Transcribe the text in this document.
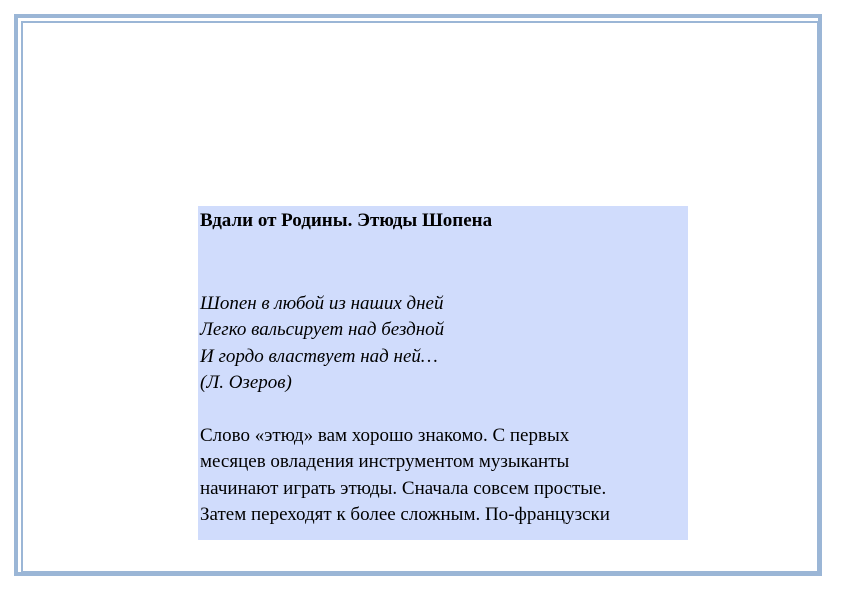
Вдали от Родины. Этюды Шопена

Шопен в любой из наших дней
Легко вальсирует над бездной
И гордо властвует над ней…
(Л. Озеров)
Слово «этюд» вам хорошо знакомо. С первых
месяцев овладения инструментом музыканты
начинают играть этюды. Сначала совсем простые.
Затем переходят к более сложным. По-французски
